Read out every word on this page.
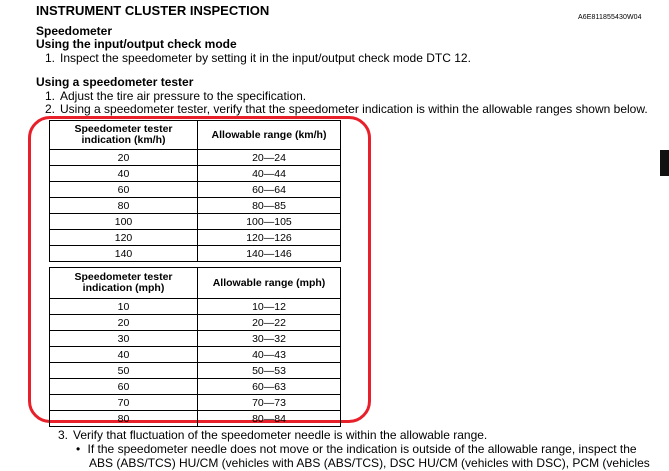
INSTRUMENT CLUSTER INSPECTION	A6E811855430W04
Speedometer
Using the input/output check mode
1. Inspect the speedometer by setting it in the input/output check mode DTC 12.
Using a speedometer tester
1. Adjust the tire air pressure to the specification.
2. Using a speedometer tester, verify that the speedometer indication is within the allowable ranges shown below.
Speedometer tester indication (km/h)	Allowable range (km/h)
20	20—24
40	40—44
60	60—64
80	80—85
100	100—105
120	120—126
140	140—146
Speedometer tester indication (mph)	Allowable range (mph)
10	10—12
20	20—22
30	30—32
40	40—43
50	50—53
60	60—63
70	70—73
80	80—84
3. Verify that fluctuation of the speedometer needle is within the allowable range.
• If the speedometer needle does not move or the indication is outside of the allowable range, inspect the
ABS (ABS/TCS) HU/CM (vehicles with ABS (ABS/TCS), DSC HU/CM (vehicles with DSC), PCM (vehicles
